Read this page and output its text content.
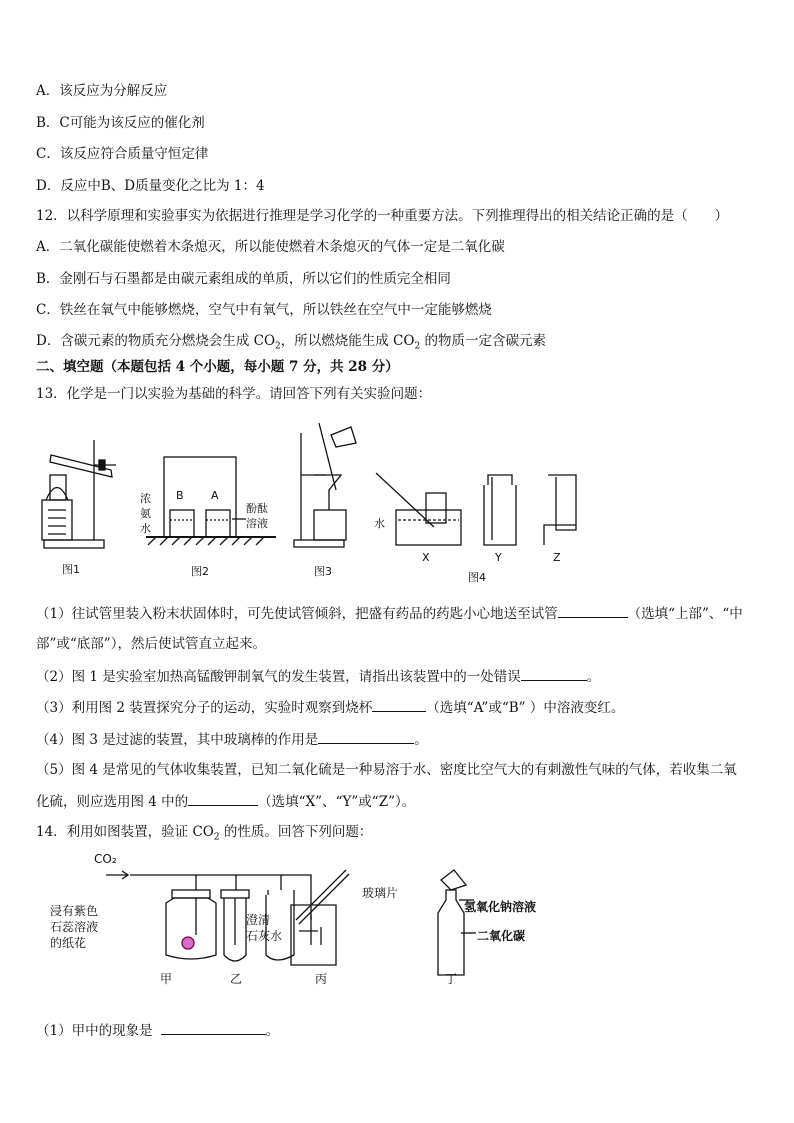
A．该反应为分解反应
B．C可能为该反应的催化剂
C．该反应符合质量守恒定律
D．反应中B、D质量变化之比为 1：4
12．以科学原理和实验事实为依据进行推理是学习化学的一种重要方法。下列推理得出的相关结论正确的是（　　）
A．二氧化碳能使燃着木条熄灭，所以能使燃着木条熄灭的气体一定是二氧化碳
B．金刚石与石墨都是由碳元素组成的单质，所以它们的性质完全相同
C．铁丝在氧气中能够燃烧，空气中有氧气，所以铁丝在空气中一定能够燃烧
D．含碳元素的物质充分燃烧会生成 $CO_2$，所以燃烧能生成 $CO_2$ 的物质一定含碳元素
二、填空题（本题包括 4 个小题，每小题 7 分，共 28 分）
13．化学是一门以实验为基础的科学。请回答下列有关实验问题：
浓
氨
水
B A
酚酞
溶液	水
X	Y	Z
图1	图2	图3	图4
（1）往试管里装入粉末状固体时，可先使试管倾斜，把盛有药品的药匙小心地送至试管	（选填“上部”、“中
部”或“底部”），然后使试管直立起来。
（2）图 1 是实验室加热高锰酸钾制氧气的发生装置，请指出该装置中的一处错误	。
（3）利用图 2 装置探究分子的运动，实验时观察到烧杯	（选填“A”或“B” ）中溶液变红。
（4）图 3 是过滤的装置，其中玻璃棒的作用是	。
（5）图 4 是常见的气体收集装置，已知二氧化硫是一种易溶于水、密度比空气大的有刺激性气味的气体，若收集二氧
化硫，则应选用图 4 中的	（选填“X”、“Y”或“Z”）。
14．利用如图装置，验证 $CO_2$ 的性质。回答下列问题：
CO₂
浸有紫色
石蕊溶液
的纸花
澄清
石灰水
玻璃片
氢氧化钠溶液
二氧化碳
甲	乙	丙	丁
（1）甲中的现象是	。
